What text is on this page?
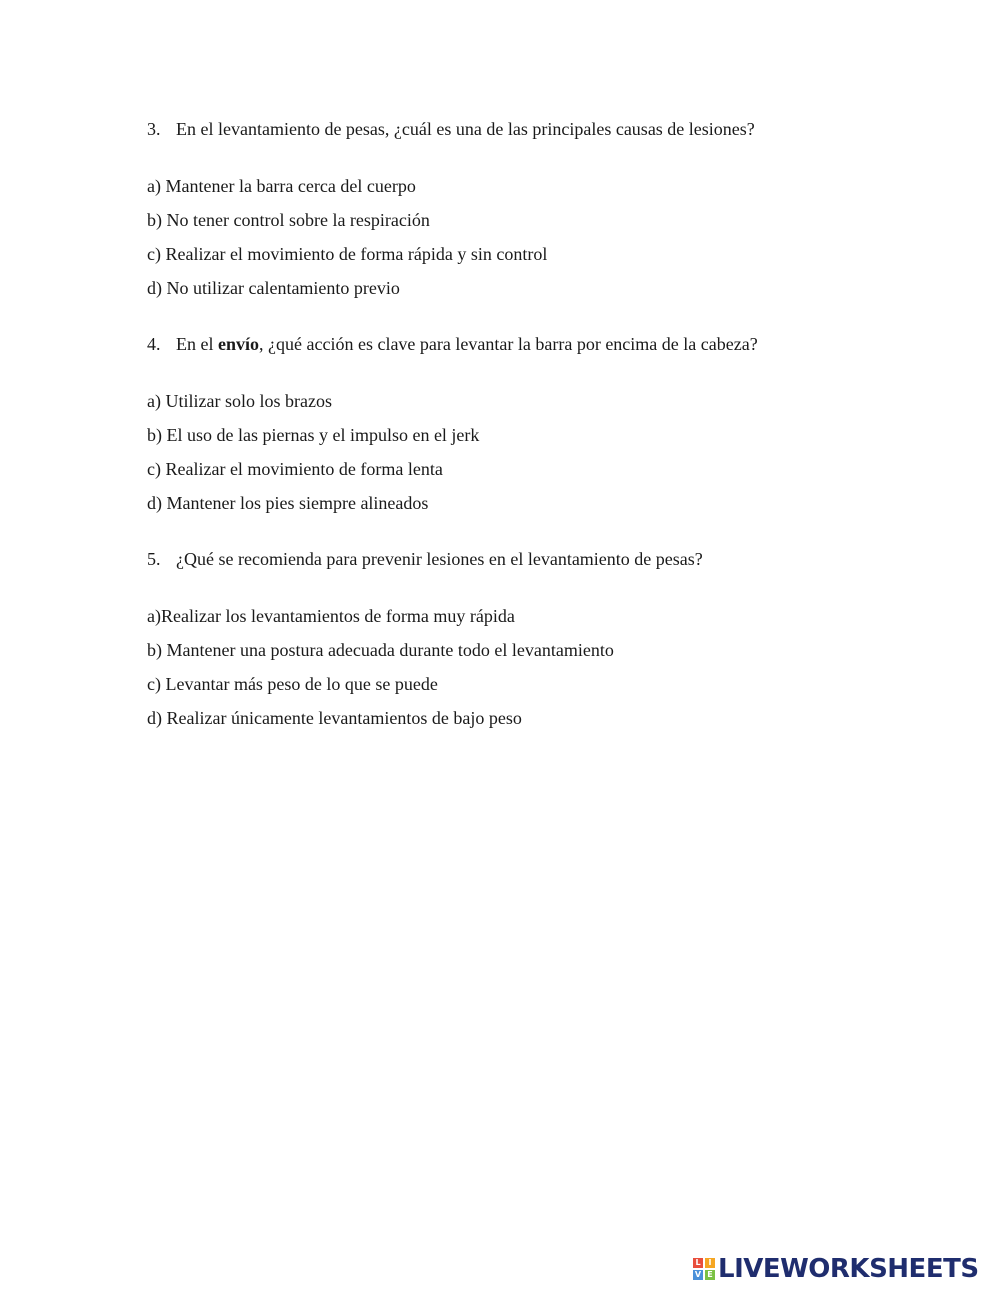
3. En el levantamiento de pesas, ¿cuál es una de las principales causas de lesiones?
a) Mantener la barra cerca del cuerpo
b) No tener control sobre la respiración
c) Realizar el movimiento de forma rápida y sin control
d) No utilizar calentamiento previo
4. En el envío, ¿qué acción es clave para levantar la barra por encima de la cabeza?
a) Utilizar solo los brazos
b) El uso de las piernas y el impulso en el jerk
c) Realizar el movimiento de forma lenta
d) Mantener los pies siempre alineados
5. ¿Qué se recomienda para prevenir lesiones en el levantamiento de pesas?
a)Realizar los levantamientos de forma muy rápida
b) Mantener una postura adecuada durante todo el levantamiento
c) Levantar más peso de lo que se puede
d) Realizar únicamente levantamientos de bajo peso
L I
V E LIVEWORKSHEETS
